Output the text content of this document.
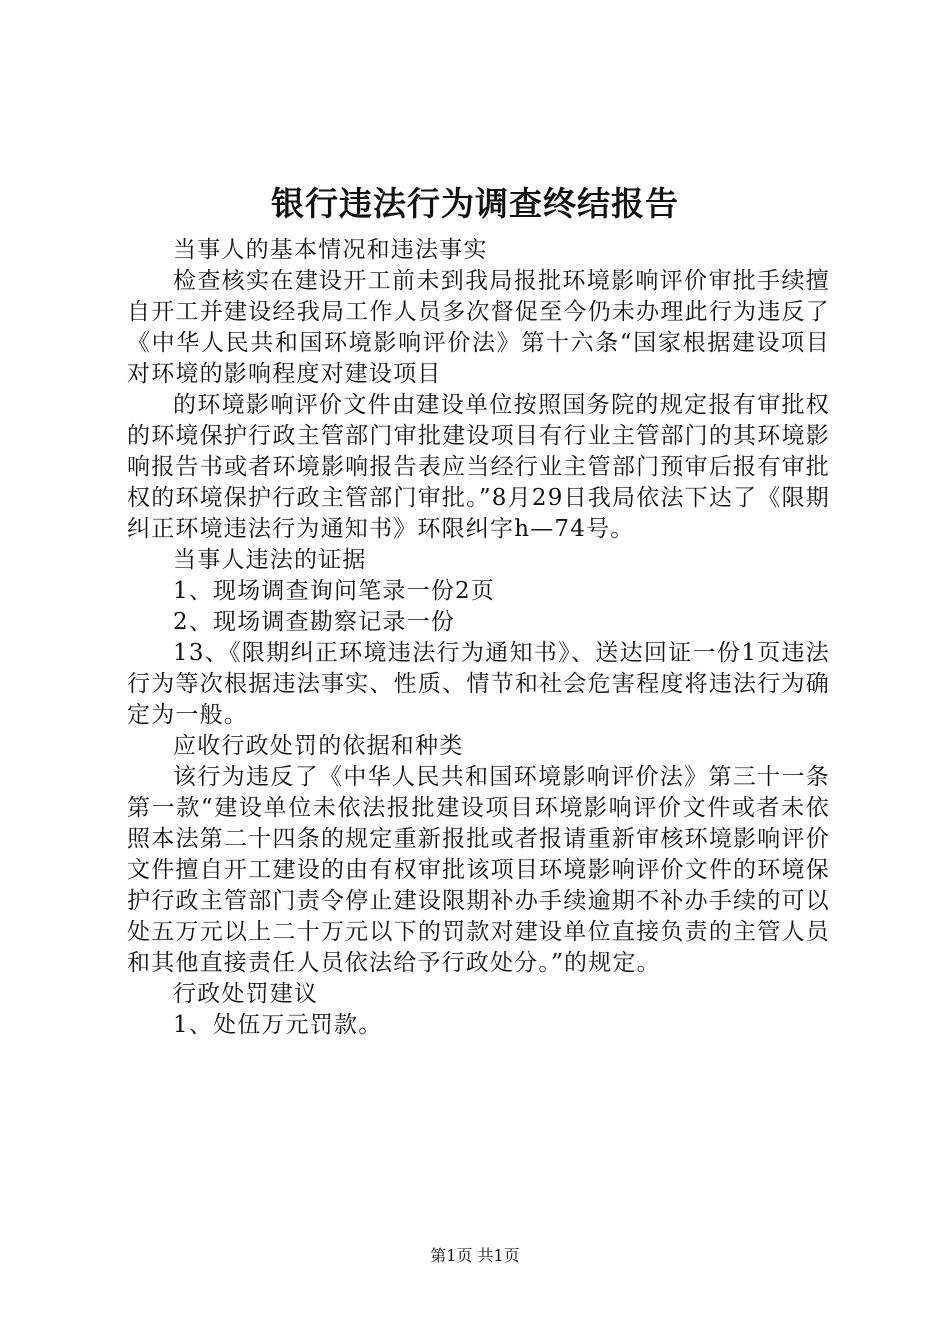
银行违法行为调查终结报告

当事人的基本情况和违法事实

检查核实在建设开工前未到我局报批环境影响评价审批手续擅自开工并建设经我局工作人员多次督促至今仍未办理此行为违反了《中华人民共和国环境影响评价法》第十六条“国家根据建设项目对环境的影响程度对建设项目

的环境影响评价文件由建设单位按照国务院的规定报有审批权的环境保护行政主管部门审批建设项目有行业主管部门的其环境影响报告书或者环境影响报告表应当经行业主管部门预审后报有审批权的环境保护行政主管部门审批。”8月29日我局依法下达了《限期纠正环境违法行为通知书》环限纠字h—74号。

当事人违法的证据

1、现场调查询问笔录一份2页

2、现场调查勘察记录一份

13、《限期纠正环境违法行为通知书》、送达回证一份1页违法行为等次根据违法事实、性质、情节和社会危害程度将违法行为确定为一般。

应收行政处罚的依据和种类

该行为违反了《中华人民共和国环境影响评价法》第三十一条第一款“建设单位未依法报批建设项目环境影响评价文件或者未依照本法第二十四条的规定重新报批或者报请重新审核环境影响评价文件擅自开工建设的由有权审批该项目环境影响评价文件的环境保护行政主管部门责令停止建设限期补办手续逾期不补办手续的可以处五万元以上二十万元以下的罚款对建设单位直接负责的主管人员和其他直接责任人员依法给予行政处分。”的规定。

行政处罚建议

1、处伍万元罚款。

第1页 共1页
